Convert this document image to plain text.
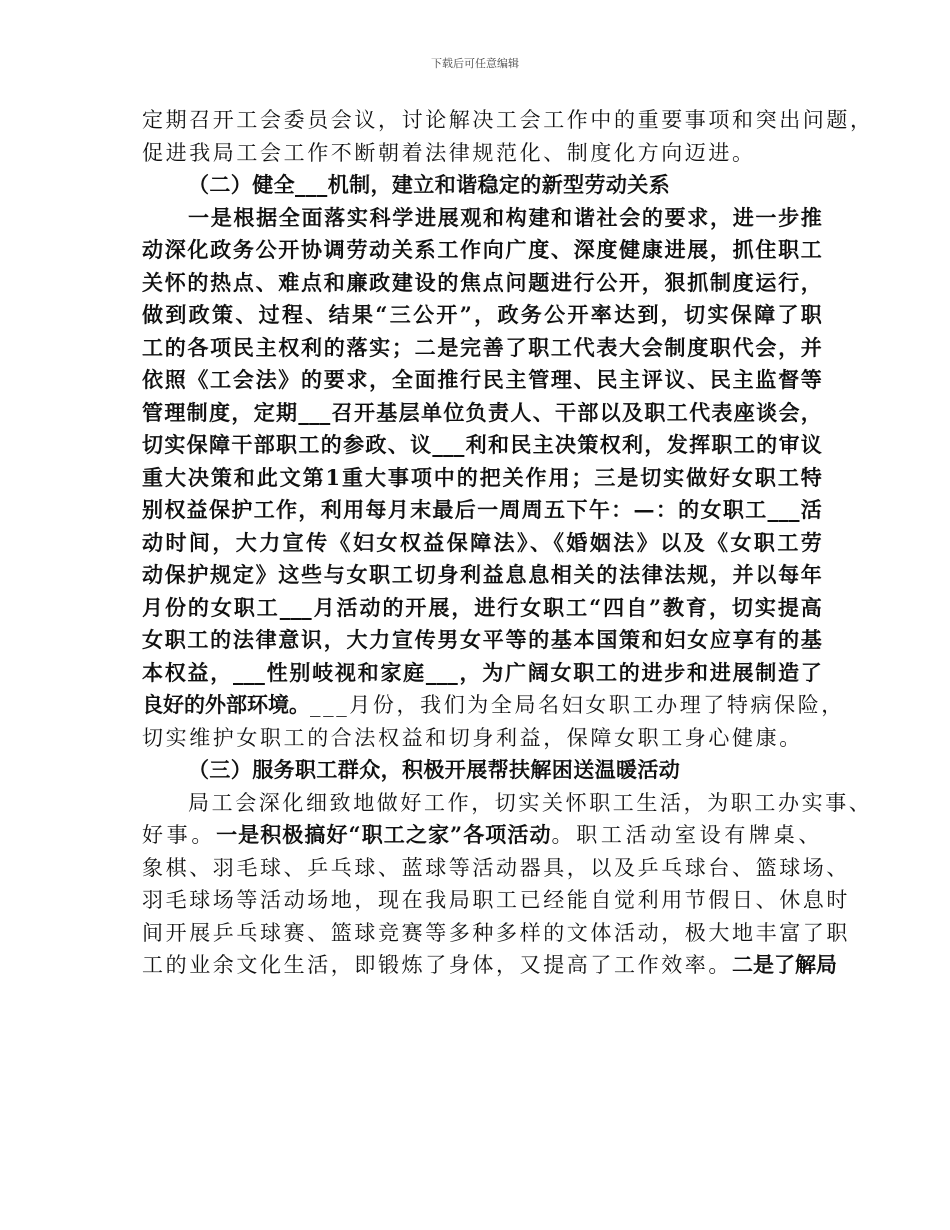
下载后可任意编辑
定期召开工会委员会议，讨论解决工会工作中的重要事项和突出问题，
促进我局工会工作不断朝着法律规范化、制度化方向迈进。
（二）健全___机制，建立和谐稳定的新型劳动关系
一是根据全面落实科学进展观和构建和谐社会的要求，进一步推
动深化政务公开协调劳动关系工作向广度、深度健康进展，抓住职工
关怀的热点、难点和廉政建设的焦点问题进行公开，狠抓制度运行，
做到政策、过程、结果“三公开”，政务公开率达到，切实保障了职
工的各项民主权利的落实；二是完善了职工代表大会制度职代会，并
依照《工会法》的要求，全面推行民主管理、民主评议、民主监督等
管理制度，定期___召开基层单位负责人、干部以及职工代表座谈会，
切实保障干部职工的参政、议___利和民主决策权利，发挥职工的审议
重大决策和此文第1重大事项中的把关作用；三是切实做好女职工特
别权益保护工作，利用每月末最后一周周五下午：—：的女职工___活
动时间，大力宣传《妇女权益保障法》、《婚姻法》以及《女职工劳
动保护规定》这些与女职工切身利益息息相关的法律法规，并以每年
月份的女职工___月活动的开展，进行女职工“四自”教育，切实提高
女职工的法律意识，大力宣传男女平等的基本国策和妇女应享有的基
本权益，___性别岐视和家庭___，为广阔女职工的进步和进展制造了
良好的外部环境。___月份，我们为全局名妇女职工办理了特病保险，
切实维护女职工的合法权益和切身利益，保障女职工身心健康。
（三）服务职工群众，积极开展帮扶解困送温暖活动
局工会深化细致地做好工作，切实关怀职工生活，为职工办实事、
好事。一是积极搞好“职工之家”各项活动。职工活动室设有牌桌、
象棋、羽毛球、乒乓球、蓝球等活动器具，以及乒乓球台、篮球场、
羽毛球场等活动场地，现在我局职工已经能自觉利用节假日、休息时
间开展乒乓球赛、篮球竞赛等多种多样的文体活动，极大地丰富了职
工的业余文化生活，即锻炼了身体，又提高了工作效率。二是了解局
